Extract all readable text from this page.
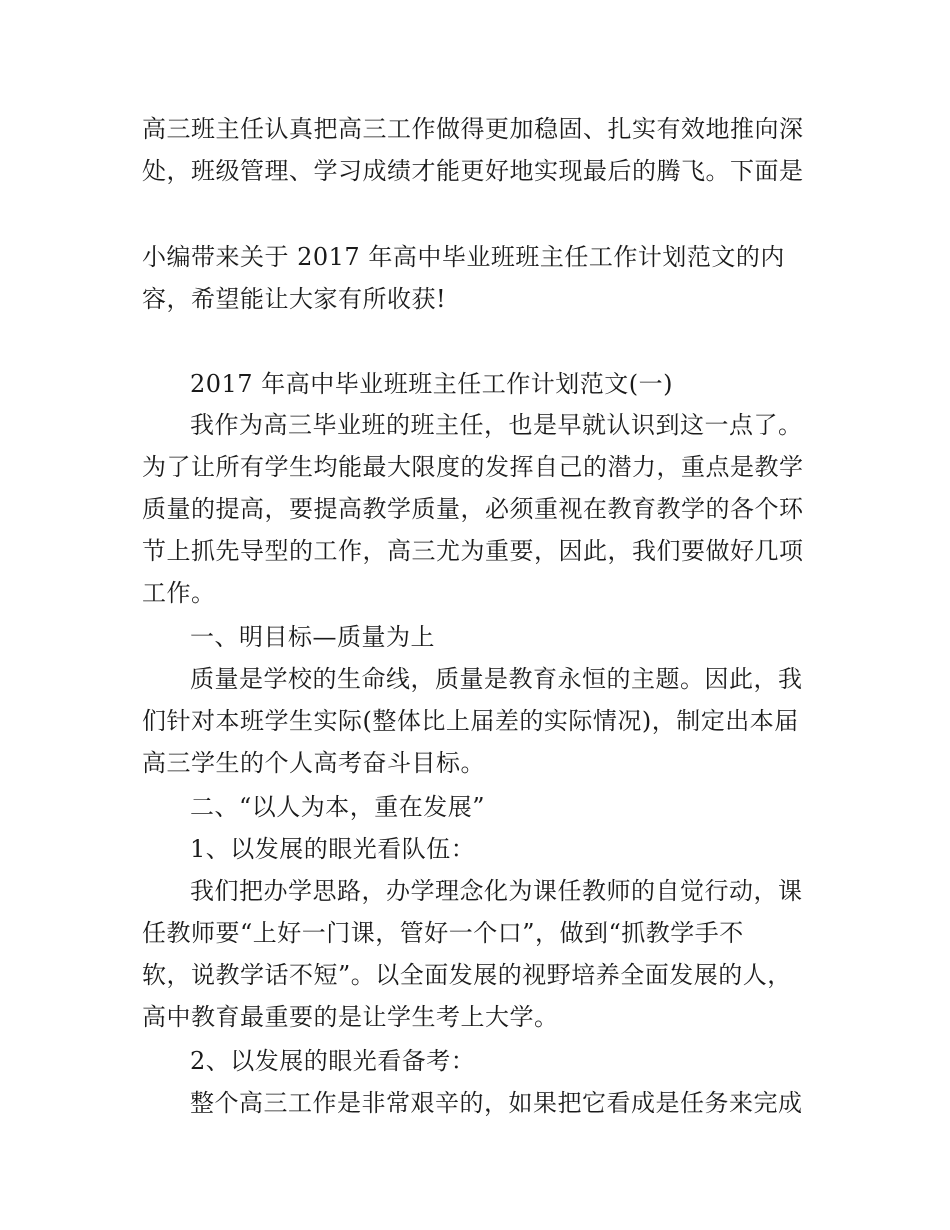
高三班主任认真把高三工作做得更加稳固、扎实有效地推向深
处，班级管理、学习成绩才能更好地实现最后的腾飞。下面是
小编带来关于 2017 年高中毕业班班主任工作计划范文的内
容，希望能让大家有所收获!
2017 年高中毕业班班主任工作计划范文(一)
我作为高三毕业班的班主任，也是早就认识到这一点了。
为了让所有学生均能最大限度的发挥自己的潜力，重点是教学
质量的提高，要提高教学质量，必须重视在教育教学的各个环
节上抓先导型的工作，高三尤为重要，因此，我们要做好几项
工作。
一、明目标—质量为上
质量是学校的生命线，质量是教育永恒的主题。因此，我
们针对本班学生实际(整体比上届差的实际情况)，制定出本届
高三学生的个人高考奋斗目标。
二、“以人为本，重在发展”
1、以发展的眼光看队伍：
我们把办学思路，办学理念化为课任教师的自觉行动，课
任教师要“上好一门课，管好一个口”，做到“抓教学手不
软，说教学话不短”。以全面发展的视野培养全面发展的人，
高中教育最重要的是让学生考上大学。
2、以发展的眼光看备考：
整个高三工作是非常艰辛的，如果把它看成是任务来完成
